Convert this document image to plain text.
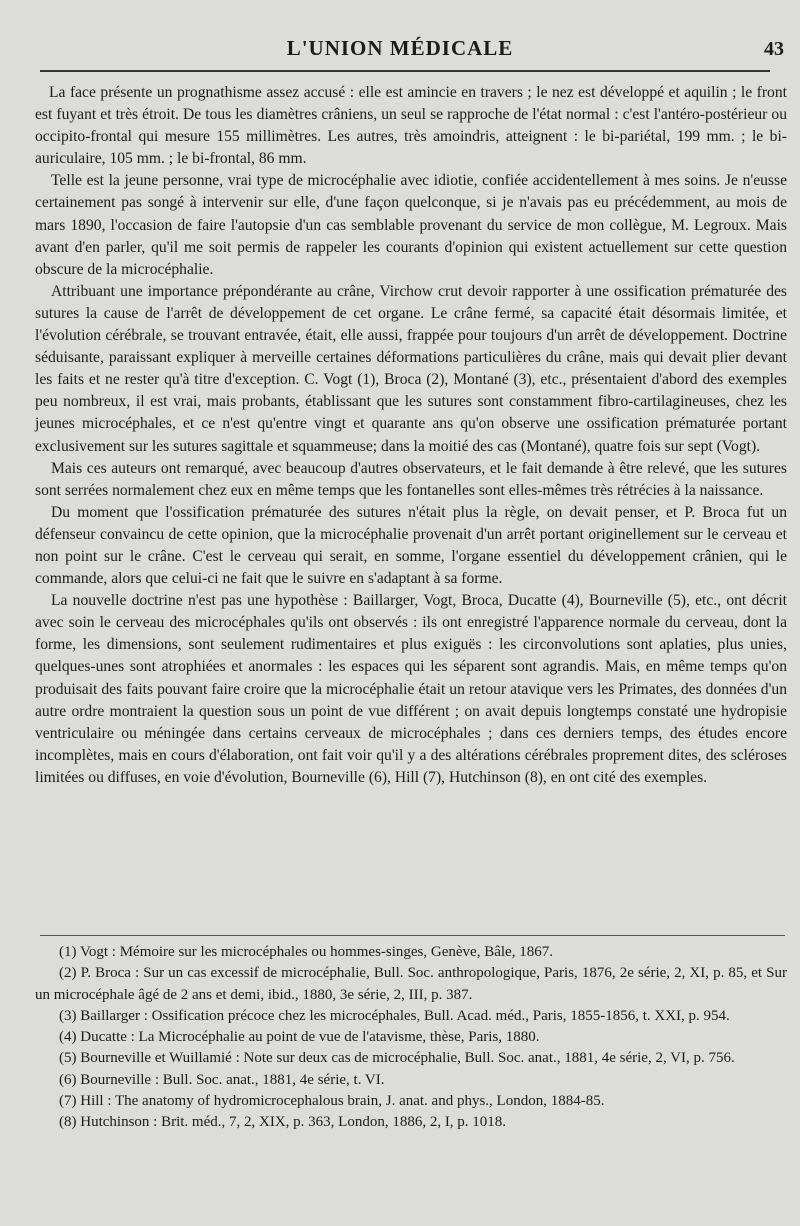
L'UNION MÉDICALE	43

La face présente un prognathisme assez accusé : elle est amincie en travers ; le nez est développé et aquilin ; le front est fuyant et très étroit. De tous les diamètres crâniens, un seul se rapproche de l'état normal : c'est l'antéro-postérieur ou occipito-frontal qui mesure 155 millimètres. Les autres, très amoindris, atteignent : le bi-pariétal, 199 mm. ; le bi-auriculaire, 105 mm. ; le bi-frontal, 86 mm.

Telle est la jeune personne, vrai type de microcéphalie avec idiotie, confiée accidentellement à mes soins. Je n'eusse certainement pas songé à intervenir sur elle, d'une façon quelconque, si je n'avais pas eu précédemment, au mois de mars 1890, l'occasion de faire l'autopsie d'un cas semblable provenant du service de mon collègue, M. Legroux. Mais avant d'en parler, qu'il me soit permis de rappeler les courants d'opinion qui existent actuellement sur cette question obscure de la microcéphalie.

Attribuant une importance prépondérante au crâne, Virchow crut devoir rapporter à une ossification prématurée des sutures la cause de l'arrêt de développement de cet organe. Le crâne fermé, sa capacité était désormais limitée, et l'évolution cérébrale, se trouvant entravée, était, elle aussi, frappée pour toujours d'un arrêt de développement. Doctrine séduisante, paraissant expliquer à merveille certaines déformations particulières du crâne, mais qui devait plier devant les faits et ne rester qu'à titre d'exception. C. Vogt (1), Broca (2), Montané (3), etc., présentaient d'abord des exemples peu nombreux, il est vrai, mais probants, établissant que les sutures sont constamment fibro-cartilagineuses, chez les jeunes microcéphales, et ce n'est qu'entre vingt et quarante ans qu'on observe une ossification prématurée portant exclusivement sur les sutures sagittale et squammeuse; dans la moitié des cas (Montané), quatre fois sur sept (Vogt).

Mais ces auteurs ont remarqué, avec beaucoup d'autres observateurs, et le fait demande à être relevé, que les sutures sont serrées normalement chez eux en même temps que les fontanelles sont elles-mêmes très rétrécies à la naissance.

Du moment que l'ossification prématurée des sutures n'était plus la règle, on devait penser, et P. Broca fut un défenseur convaincu de cette opinion, que la microcéphalie provenait d'un arrêt portant originellement sur le cerveau et non point sur le crâne. C'est le cerveau qui serait, en somme, l'organe essentiel du développement crânien, qui le commande, alors que celui-ci ne fait que le suivre en s'adaptant à sa forme.

La nouvelle doctrine n'est pas une hypothèse : Baillarger, Vogt, Broca, Ducatte (4), Bourneville (5), etc., ont décrit avec soin le cerveau des microcéphales qu'ils ont observés : ils ont enregistré l'apparence normale du cerveau, dont la forme, les dimensions, sont seulement rudimentaires et plus exiguës : les circonvolutions sont aplaties, plus unies, quelques-unes sont atrophiées et anormales : les espaces qui les séparent sont agrandis. Mais, en même temps qu'on produisait des faits pouvant faire croire que la microcéphalie était un retour atavique vers les Primates, des données d'un autre ordre montraient la question sous un point de vue différent ; on avait depuis longtemps constaté une hydropisie ventriculaire ou méningée dans certains cerveaux de microcéphales ; dans ces derniers temps, des études encore incomplètes, mais en cours d'élaboration, ont fait voir qu'il y a des altérations cérébrales proprement dites, des scléroses limitées ou diffuses, en voie d'évolution, Bourneville (6), Hill (7), Hutchinson (8), en ont cité des exemples.

(1) Vogt : Mémoire sur les microcéphales ou hommes-singes, Genève, Bâle, 1867.

(2) P. Broca : Sur un cas excessif de microcéphalie, Bull. Soc. anthropologique, Paris, 1876, 2e série, 2, XI, p. 85, et Sur un microcéphale âgé de 2 ans et demi, ibid., 1880, 3e série, 2, III, p. 387.

(3) Baillarger : Ossification précoce chez les microcéphales, Bull. Acad. méd., Paris, 1855-1856, t. XXI, p. 954.

(4) Ducatte : La Microcéphalie au point de vue de l'atavisme, thèse, Paris, 1880.

(5) Bourneville et Wuillamié : Note sur deux cas de microcéphalie, Bull. Soc. anat., 1881, 4e série, 2, VI, p. 756.

(6) Bourneville : Bull. Soc. anat., 1881, 4e série, t. VI.

(7) Hill : The anatomy of hydromicrocephalous brain, J. anat. and phys., London, 1884-85.

(8) Hutchinson : Brit. méd., 7, 2, XIX, p. 363, London, 1886, 2, I, p. 1018.
